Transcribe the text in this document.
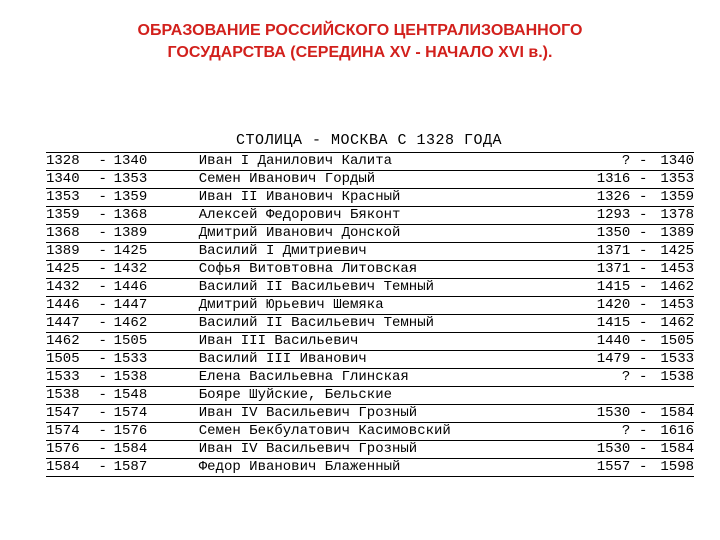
ОБРАЗОВАНИЕ РОССИЙСКОГО ЦЕНТРАЛИЗОВАННОГО
ГОСУДАРСТВА (СЕРЕДИНА XV - НАЧАЛО XVI в.).
СТОЛИЦА - МОСКВА С 1328 ГОДА
1328	-	1340	Иван I Данилович Калита	?	-	1340
1340	-	1353	Семен Иванович Гордый	1316	-	1353
1353	-	1359	Иван II Иванович Красный	1326	-	1359
1359	-	1368	Алексей Федорович Бяконт	1293	-	1378
1368	-	1389	Дмитрий Иванович Донской	1350	-	1389
1389	-	1425	Василий I Дмитриевич	1371	-	1425
1425	-	1432	Софья Витовтовна Литовская	1371	-	1453
1432	-	1446	Василий II Васильевич Темный	1415	-	1462
1446	-	1447	Дмитрий Юрьевич Шемяка	1420	-	1453
1447	-	1462	Василий II Васильевич Темный	1415	-	1462
1462	-	1505	Иван III Васильевич	1440	-	1505
1505	-	1533	Василий III Иванович	1479	-	1533
1533	-	1538	Елена Васильевна Глинская	?	-	1538
1538	-	1548	Бояре Шуйские, Бельские			
1547	-	1574	Иван IV Васильевич Грозный	1530	-	1584
1574	-	1576	Семен Бекбулатович Касимовский	?	-	1616
1576	-	1584	Иван IV Васильевич Грозный	1530	-	1584
1584	-	1587	Федор Иванович Блаженный	1557	-	1598
